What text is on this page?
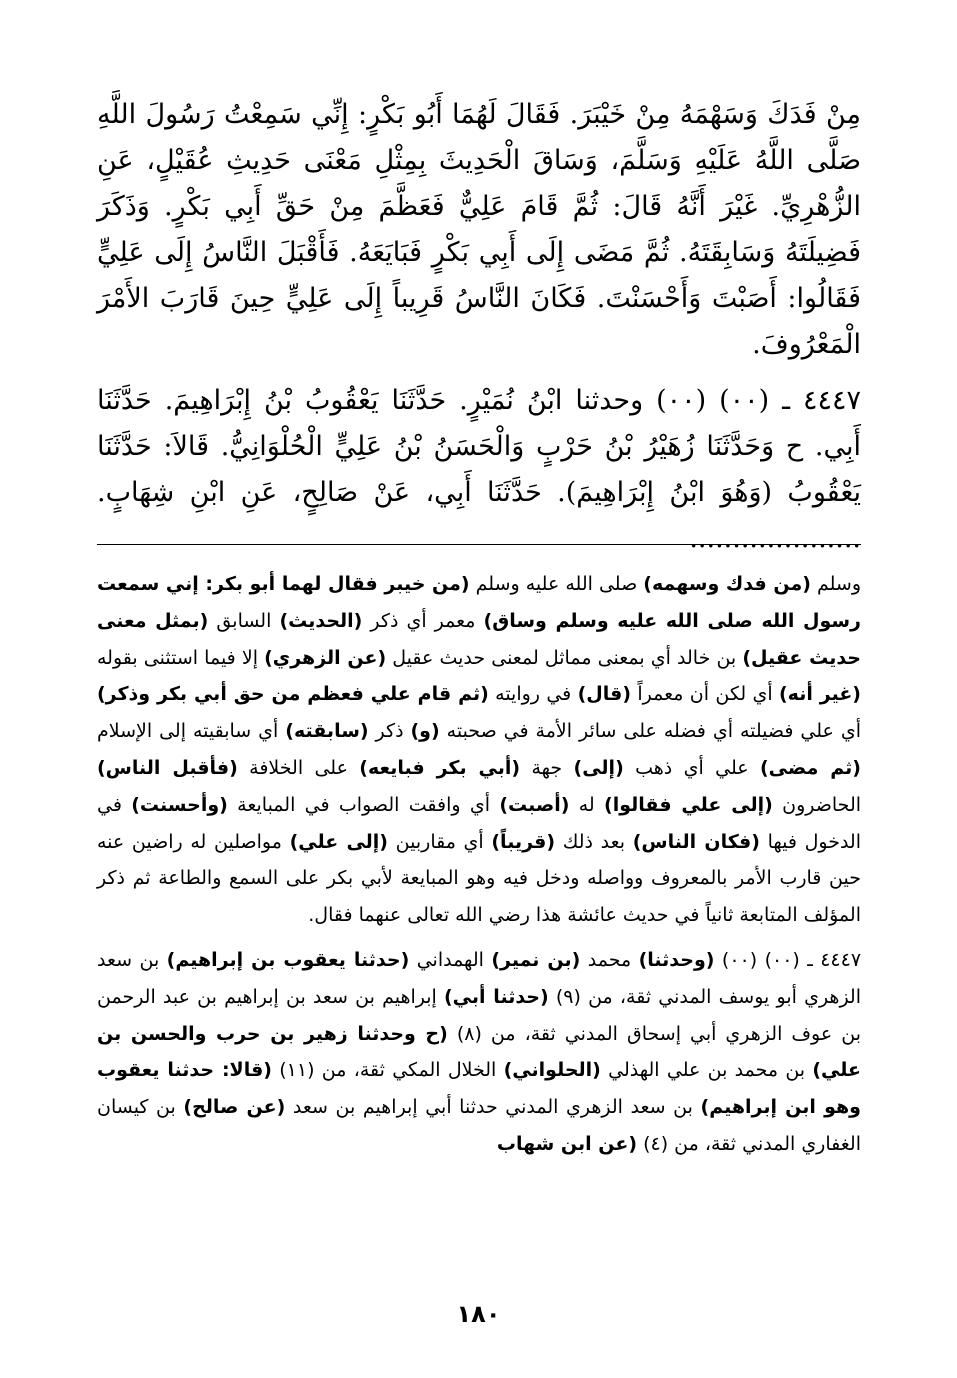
مِنْ فَدَكَ وَسَهْمَهُ مِنْ خَيْبَرَ. فَقَالَ لَهُمَا أَبُو بَكْرٍ: إِنِّي سَمِعْتُ رَسُولَ اللَّهِ صَلَّى اللَّهُ عَلَيْهِ وَسَلَّمَ، وَسَاقَ الْحَدِيثَ بِمِثْلِ مَعْنَى حَدِيثِ عُقَيْلٍ، عَنِ الزُّهْرِيِّ. غَيْرَ أَنَّهُ قَالَ: ثُمَّ قَامَ عَلِيٌّ فَعَظَّمَ مِنْ حَقِّ أَبِي بَكْرٍ. وَذَكَرَ فَضِيلَتَهُ وَسَابِقَتَهُ. ثُمَّ مَضَى إِلَى أَبِي بَكْرٍ فَبَايَعَهُ. فَأَقْبَلَ النَّاسُ إِلَى عَلِيٍّ فَقَالُوا: أَصَبْتَ وَأَحْسَنْتَ. فَكَانَ النَّاسُ قَرِيباً إِلَى عَلِيٍّ حِينَ قَارَبَ الأَمْرَ الْمَعْرُوفَ.

٤٤٤٧ ـ (٠٠) (٠٠) وحدثنا ابْنُ نُمَيْرٍ. حَدَّثَنَا يَعْقُوبُ بْنُ إِبْرَاهِيمَ. حَدَّثَنَا أَبِي. ح وَحَدَّثَنَا زُهَيْرُ بْنُ حَرْبٍ وَالْحَسَنُ بْنُ عَلِيٍّ الْحُلْوَانِيُّ. قَالاَ: حَدَّثَنَا يَعْقُوبُ (وَهُوَ ابْنُ إِبْرَاهِيمَ). حَدَّثَنَا أَبِي، عَنْ صَالِحٍ، عَنِ ابْنِ شِهَابٍ. ....................

وسلم (من فدك وسهمه) صلى الله عليه وسلم (من خيبر فقال لهما أبو بكر: إني سمعت رسول الله صلى الله عليه وسلم وساق) معمر أي ذكر (الحديث) السابق (بمثل معنى حديث عقيل) بن خالد أي بمعنى مماثل لمعنى حديث عقيل (عن الزهري) إلا فيما استثنى بقوله (غير أنه) أي لكن أن معمراً (قال) في روايته (ثم قام علي فعظم من حق أبي بكر وذكر) أي علي فضيلته أي فضله على سائر الأمة في صحبته (و) ذكر (سابقته) أي سابقيته إلى الإسلام (ثم مضى) علي أي ذهب (إلى) جهة (أبي بكر فبايعه) على الخلافة (فأقبل الناس) الحاضرون (إلى علي فقالوا) له (أصبت) أي وافقت الصواب في المبايعة (وأحسنت) في الدخول فيها (فكان الناس) بعد ذلك (قريباً) أي مقاربين (إلى علي) مواصلين له راضين عنه حين قارب الأمر بالمعروف وواصله ودخل فيه وهو المبايعة لأبي بكر على السمع والطاعة ثم ذكر المؤلف المتابعة ثانياً في حديث عائشة هذا رضي الله تعالى عنهما فقال.

٤٤٤٧ ـ (٠٠) (٠٠) (وحدثنا) محمد (بن نمير) الهمداني (حدثنا يعقوب بن إبراهيم) بن سعد الزهري أبو يوسف المدني ثقة، من (٩) (حدثنا أبي) إبراهيم بن سعد بن إبراهيم بن عبد الرحمن بن عوف الزهري أبي إسحاق المدني ثقة، من (٨) (ح وحدثنا زهير بن حرب والحسن بن علي) بن محمد بن علي الهذلي (الحلواني) الخلال المكي ثقة، من (١١) (قالا: حدثنا يعقوب وهو ابن إبراهيم) بن سعد الزهري المدني حدثنا أبي إبراهيم بن سعد (عن صالح) بن كيسان الغفاري المدني ثقة، من (٤) (عن ابن شهاب

١٨٠
